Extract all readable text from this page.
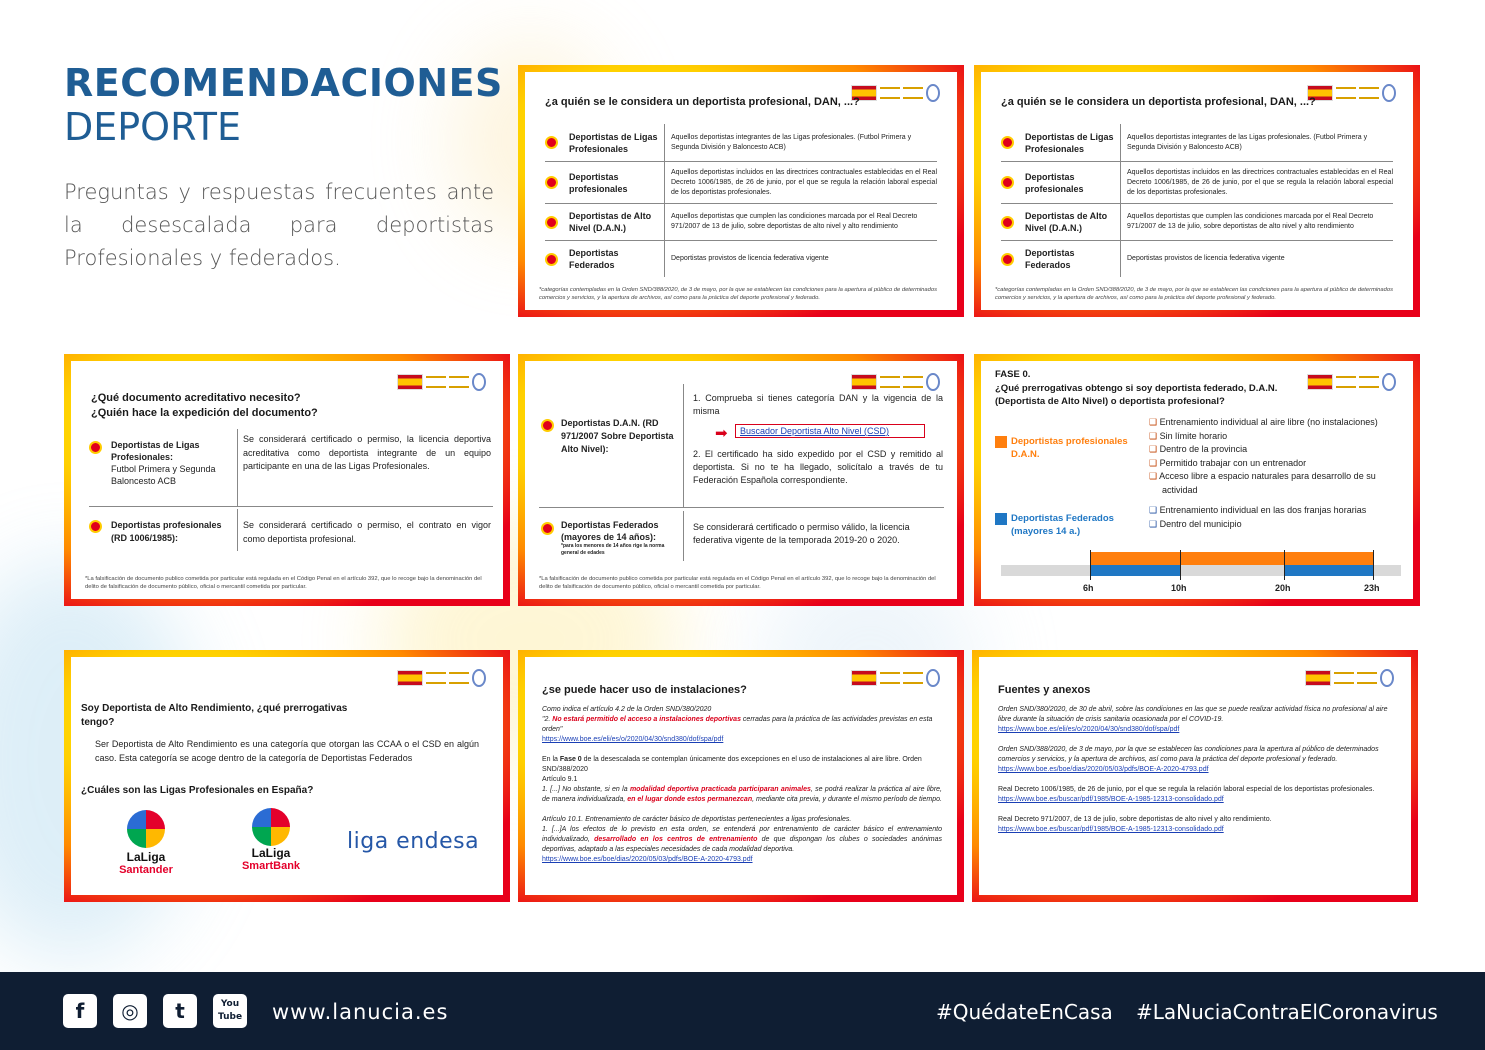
RECOMENDACIONES
DEPORTE
Preguntas y respuestas frecuentes ante la desescalada para deportistas Profesionales y federados.
¿a quién se le considera un deportista profesional, DAN, ...?
Deportistas de Ligas Profesionales
Aquellos deportistas integrantes de las Ligas profesionales. (Futbol Primera y Segunda División y Baloncesto ACB)
Deportistas profesionales
Aquellos deportistas incluidos en las directrices contractuales establecidas en el Real Decreto 1006/1985, de 26 de junio, por el que se regula la relación laboral especial de los deportistas profesionales.
Deportistas de Alto Nivel (D.A.N.)
Aquellos deportistas que cumplen las condiciones marcada por el Real Decreto 971/2007 de 13 de julio, sobre deportistas de alto nivel y alto rendimiento
Deportistas Federados
Deportistas provistos de licencia federativa vigente
*categorías contempladas en la Orden SND/388/2020, de 3 de mayo, por la que se establecen las condiciones para la apertura al público de determinados comercios y servicios, y la apertura de archivos, así como para la práctica del deporte profesional y federado.
¿a quién se le considera un deportista profesional, DAN, ...?
Deportistas de Ligas Profesionales
Aquellos deportistas integrantes de las Ligas profesionales. (Futbol Primera y Segunda División y Baloncesto ACB)
Deportistas profesionales
Aquellos deportistas incluidos en las directrices contractuales establecidas en el Real Decreto 1006/1985, de 26 de junio, por el que se regula la relación laboral especial de los deportistas profesionales.
Deportistas de Alto Nivel (D.A.N.)
Aquellos deportistas que cumplen las condiciones marcada por el Real Decreto 971/2007 de 13 de julio, sobre deportistas de alto nivel y alto rendimiento
Deportistas Federados
Deportistas provistos de licencia federativa vigente
*categorías contempladas en la Orden SND/388/2020, de 3 de mayo, por la que se establecen las condiciones para la apertura al público de determinados comercios y servicios, y la apertura de archivos, así como para la práctica del deporte profesional y federado.
¿Qué documento acreditativo necesito?
¿Quién hace la expedición del documento?
Deportistas de Ligas Profesionales:
Futbol Primera y Segunda Baloncesto ACB
Se considerará certificado o permiso, la licencia deportiva acreditativa como deportista integrante de un equipo participante en una de las Ligas Profesionales.
Deportistas profesionales (RD 1006/1985):
Se considerará certificado o permiso, el contrato en vigor como deportista profesional.
*La falsificación de documento publico cometida por particular está regulada en el Código Penal en el artículo 392, que lo recoge bajo la denominación del delito de falsificación de documento público, oficial o mercantil cometida por particular.
Deportistas D.A.N. (RD 971/2007 Sobre Deportista Alto Nivel):
1. Comprueba si tienes categoría DAN y la vigencia de la misma
➡	Buscador Deportista Alto Nivel (CSD)
2. El certificado ha sido expedido por el CSD y remitido al deportista. Si no te ha llegado, solicítalo a través de tu Federación Española correspondiente.
Deportistas Federados (mayores de 14 años):
*para los menores de 14 años rige la norma general de edades
Se considerará certificado o permiso válido, la licencia federativa vigente de la temporada 2019-20 o 2020.
*La falsificación de documento publico cometida por particular está regulada en el Código Penal en el artículo 392, que lo recoge bajo la denominación del delito de falsificación de documento público, oficial o mercantil cometida por particular.
FASE 0.
¿Qué prerrogativas obtengo si soy deportista federado, D.A.N. (Deportista de Alto Nivel) o deportista profesional?
Deportistas profesionales D.A.N.
❑ Entrenamiento individual al aire libre (no instalaciones)
❑ Sin límite horario
❑ Dentro de la provincia
❑ Permitido trabajar con un entrenador
❑ Acceso libre a espacio naturales para desarrollo de su actividad
Deportistas Federados (mayores 14 a.)
❑ Entrenamiento individual en las dos franjas horarias
❑ Dentro del municipio
6h	10h	20h	23h
Soy Deportista de Alto Rendimiento, ¿qué prerrogativas tengo?
Ser Deportista de Alto Rendimiento es una categoría que otorgan las CCAA o el CSD en algún caso. Esta categoría se acoge dentro de la categoría de Deportistas Federados
¿Cuáles son las Ligas Profesionales en España?
LaLiga
Santander
LaLiga
SmartBank
liga endesa
¿se puede hacer uso de instalaciones?
Como indica el artículo 4.2 de la Orden SND/380/2020
"2. No estará permitido el acceso a instalaciones deportivas cerradas para la práctica de las actividades previstas en esta orden"
https://www.boe.es/eli/es/o/2020/04/30/snd380/dof/spa/pdf
En la Fase 0 de la desescalada se contemplan únicamente dos excepciones en el uso de instalaciones al aire libre. Orden SND/388/2020
Artículo 9.1
1. [...] No obstante, si en la modalidad deportiva practicada participaran animales, se podrá realizar la práctica al aire libre, de manera individualizada, en el lugar donde estos permanezcan, mediante cita previa, y durante el mismo período de tiempo.
Artículo 10.1. Entrenamiento de carácter básico de deportistas pertenecientes a ligas profesionales.
1. [...]A los efectos de lo previsto en esta orden, se entenderá por entrenamiento de carácter básico el entrenamiento individualizado, desarrollado en los centros de entrenamiento de que dispongan los clubes o sociedades anónimas deportivas, adaptado a las especiales necesidades de cada modalidad deportiva.
https://www.boe.es/boe/dias/2020/05/03/pdfs/BOE-A-2020-4793.pdf
Fuentes y anexos
Orden SND/380/2020, de 30 de abril, sobre las condiciones en las que se puede realizar actividad física no profesional al aire libre durante la situación de crisis sanitaria ocasionada por el COVID-19.
https://www.boe.es/eli/es/o/2020/04/30/snd380/dof/spa/pdf
Orden SND/388/2020, de 3 de mayo, por la que se establecen las condiciones para la apertura al público de determinados comercios y servicios, y la apertura de archivos, así como para la práctica del deporte profesional y federado.
https://www.boe.es/boe/dias/2020/05/03/pdfs/BOE-A-2020-4793.pdf
Real Decreto 1006/1985, de 26 de junio, por el que se regula la relación laboral especial de los deportistas profesionales.
https://www.boe.es/buscar/pdf/1985/BOE-A-1985-12313-consolidado.pdf
Real Decreto 971/2007, de 13 de julio, sobre deportistas de alto nivel y alto rendimiento.
https://www.boe.es/buscar/pdf/1985/BOE-A-1985-12313-consolidado.pdf
f	◎	t	You Tube www.lanucia.es	#QuédateEnCasa #LaNuciaContraElCoronavirus
